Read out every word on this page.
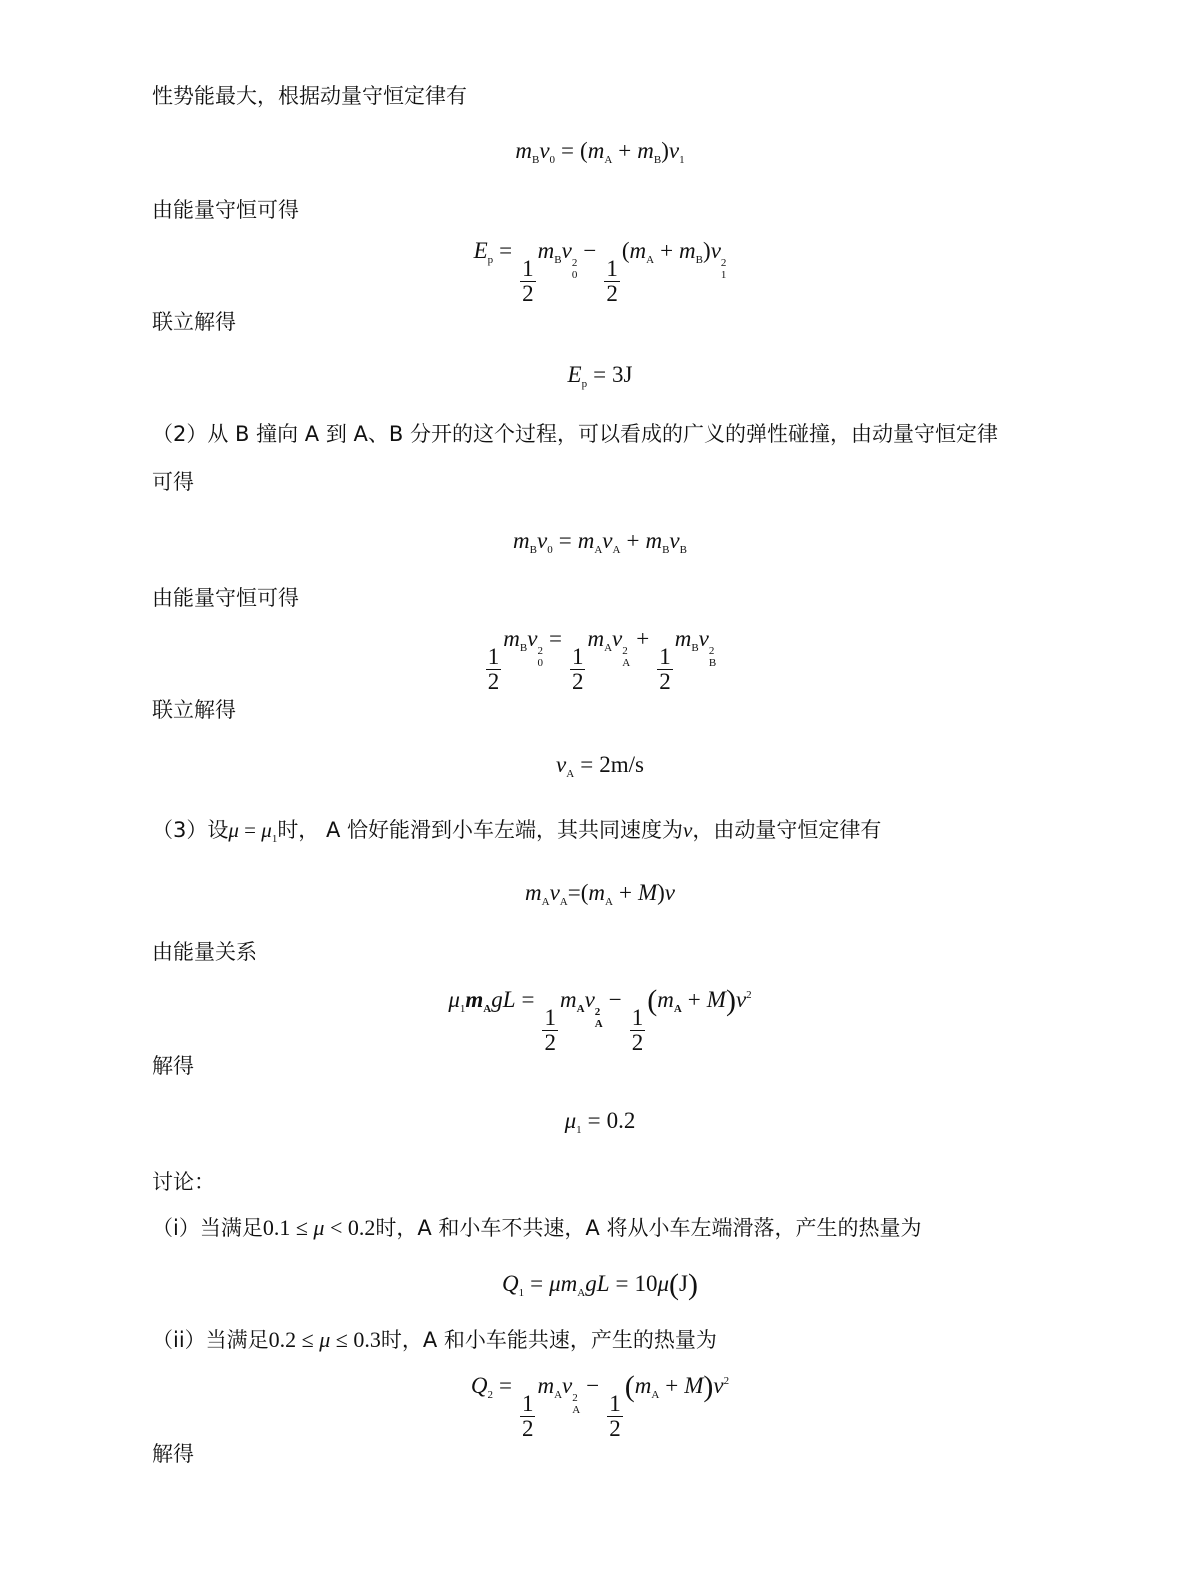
性势能最大，根据动量守恒定律有

$m_Bv_0 = (m_A + m_B)v_1$

由能量守恒可得

$E_p$ =
$\frac{1}{2}$
$m_Bv$ 2
0
−
$\frac{1}{2}$
$(m_A + m_B)v$ 2
1

联立解得

$E_p = 3J$

（2）从 B 撞向 A 到 A、B 分开的这个过程，可以看成的广义的弹性碰撞，由动量守恒定律

可得

$m_Bv_0 = m_Av_A + m_Bv_B$

由能量守恒可得

$\frac{1}{2}$
$m_Bv$ 2
0
=
$\frac{1}{2}$
$m_Av$ 2
A
+
$\frac{1}{2}$
$m_Bv$ 2
B

联立解得

$v_A = 2m/s$

（3）设$\mu = \mu_1$时， A 恰好能滑到小车左端，其共同速度为v，由动量守恒定律有

$m_Av_A=(m_A + M)v$

由能量关系

$\mu_1m_AgL$ =
$\frac{1}{2}$
$m_Av$ 2
A
−
$\frac{1}{2}$
$(m_A + M)v^2$

解得

$\mu_1 = 0.2$

讨论：

（i）当满足0.1 ≤ μ < 0.2时，A 和小车不共速，A 将从小车左端滑落，产生的热量为

$Q_1 = \mu m_AgL = 10\mu(J)$

（ii）当满足0.2 ≤ μ ≤ 0.3时，A 和小车能共速，产生的热量为

$Q_2$ =
$\frac{1}{2}$
$m_Av$ 2
A
−
$\frac{1}{2}$
$(m_A + M)v^2$

解得
